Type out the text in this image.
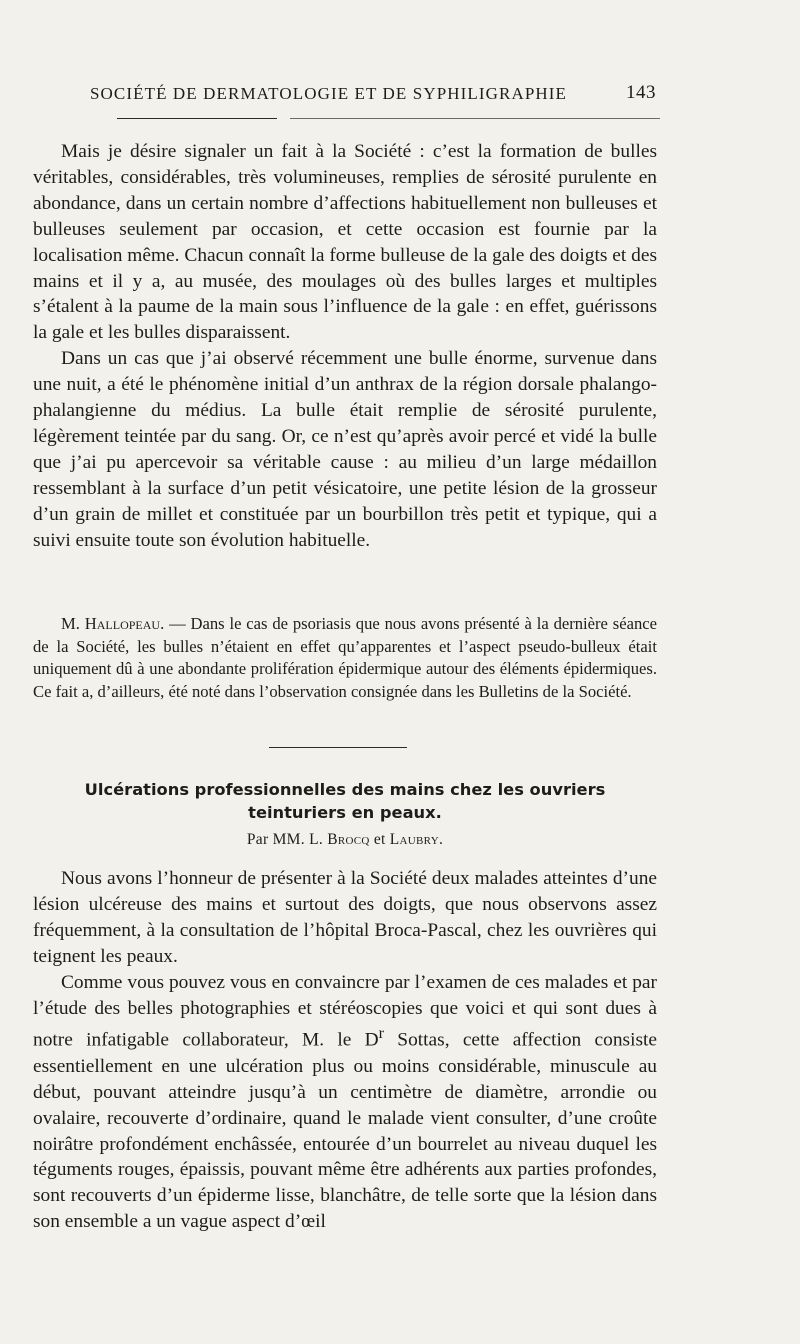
SOCIÉTÉ DE DERMATOLOGIE ET DE SYPHILIGRAPHIE	143

Mais je désire signaler un fait à la Société : c’est la formation de bulles véritables, considérables, très volumineuses, remplies de sérosité purulente en abondance, dans un certain nombre d’affections habituellement non bulleuses et bulleuses seulement par occasion, et cette occasion est fournie par la localisation même. Chacun connaît la forme bulleuse de la gale des doigts et des mains et il y a, au musée, des moulages où des bulles larges et multiples s’étalent à la paume de la main sous l’influence de la gale : en effet, guérissons la gale et les bulles disparaissent.

Dans un cas que j’ai observé récemment une bulle énorme, survenue dans une nuit, a été le phénomène initial d’un anthrax de la région dorsale phalango-phalangienne du médius. La bulle était remplie de sérosité purulente, légèrement teintée par du sang. Or, ce n’est qu’après avoir percé et vidé la bulle que j’ai pu apercevoir sa véritable cause : au milieu d’un large médaillon ressemblant à la surface d’un petit vésicatoire, une petite lésion de la grosseur d’un grain de millet et constituée par un bourbillon très petit et typique, qui a suivi ensuite toute son évolution habituelle.

M. Hallopeau. — Dans le cas de psoriasis que nous avons présenté à la dernière séance de la Société, les bulles n’étaient en effet qu’apparentes et l’aspect pseudo-bulleux était uniquement dû à une abondante prolifération épidermique autour des éléments épidermiques. Ce fait a, d’ailleurs, été noté dans l’observation consignée dans les Bulletins de la Société.

Ulcérations professionnelles des mains chez les ouvriers
teinturiers en peaux.
Par MM. L. Brocq et Laubry.

Nous avons l’honneur de présenter à la Société deux malades atteintes d’une lésion ulcéreuse des mains et surtout des doigts, que nous observons assez fréquemment, à la consultation de l’hôpital Broca-Pascal, chez les ouvrières qui teignent les peaux.

Comme vous pouvez vous en convaincre par l’examen de ces malades et par l’étude des belles photographies et stéréoscopies que voici et qui sont dues à notre infatigable collaborateur, M. le $D^r$ Sottas, cette affection consiste essentiellement en une ulcération plus ou moins considérable, minuscule au début, pouvant atteindre jusqu’à un centimètre de diamètre, arrondie ou ovalaire, recouverte d’ordinaire, quand le malade vient consulter, d’une croûte noirâtre profondément enchâssée, entourée d’un bourrelet au niveau duquel les téguments rouges, épaissis, pouvant même être adhérents aux parties profondes, sont recouverts d’un épiderme lisse, blanchâtre, de telle sorte que la lésion dans son ensemble a un vague aspect d’œil
